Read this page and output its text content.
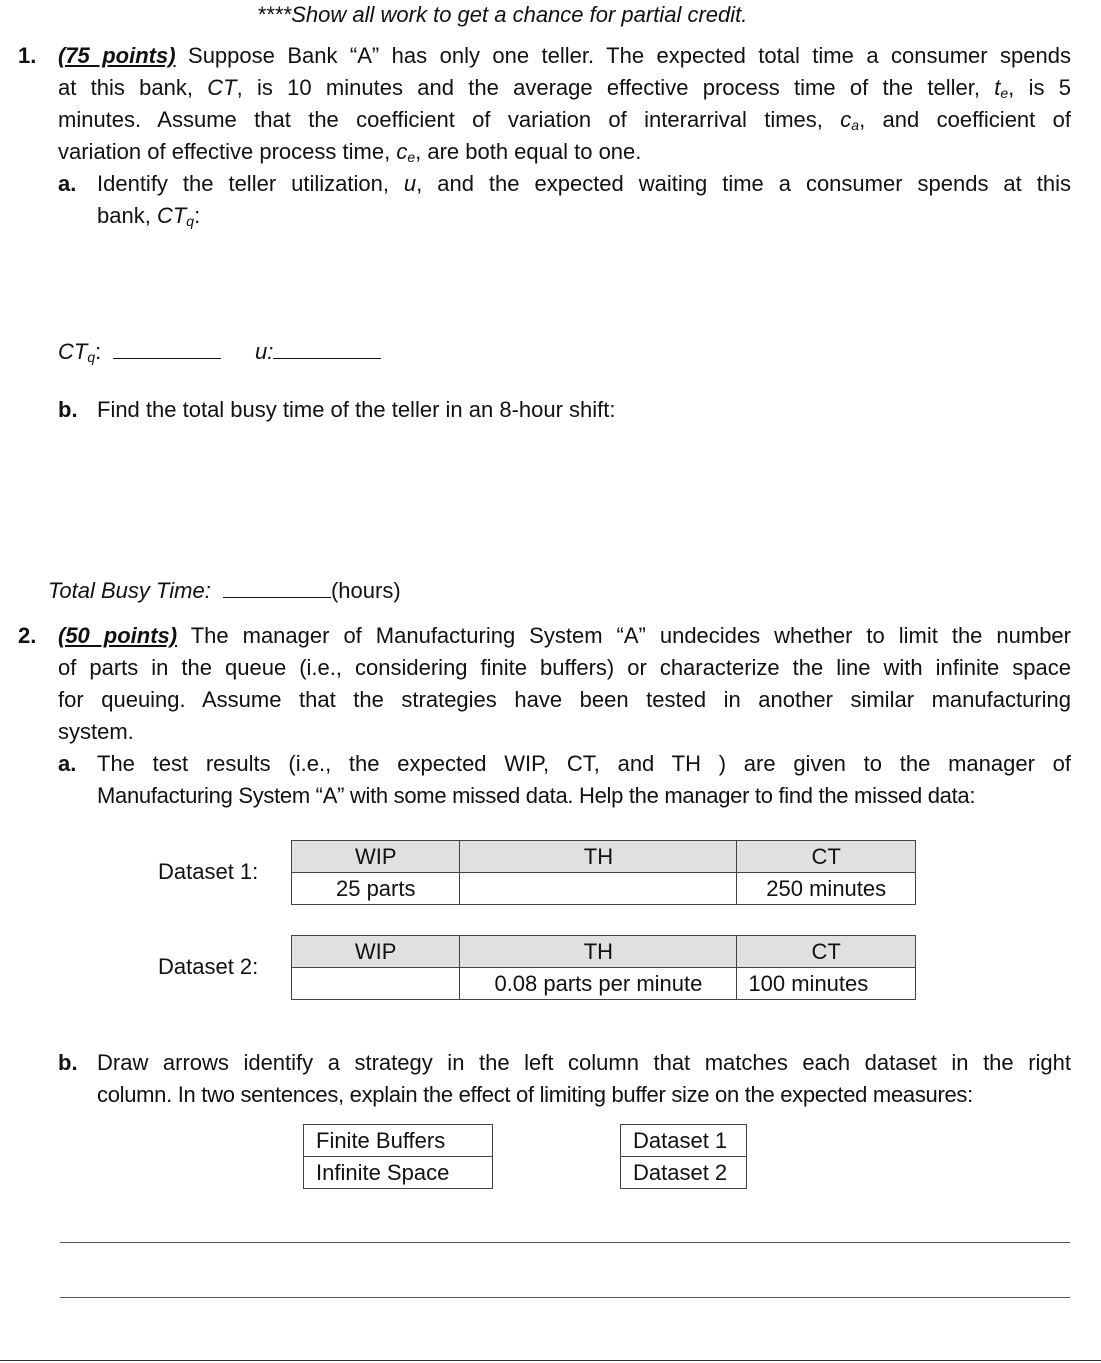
****Show all work to get a chance for partial credit.
1. (75 points) Suppose Bank “A” has only one teller. The expected total time a consumer spends
at this bank, CT, is 10 minutes and the average effective process time of the teller, $t_e$, is 5
minutes. Assume that the coefficient of variation of interarrival times, $c_a$, and coefficient of
variation of effective process time, $c_e$, are both equal to one.
a. Identify the teller utilization, u, and the expected waiting time a consumer spends at this
bank, $CT_q$:
$CT_q$:	u:
b. Find the total busy time of the teller in an 8-hour shift:
Total Busy Time:	(hours)
2. (50 points) The manager of Manufacturing System “A” undecides whether to limit the number
of parts in the queue (i.e., considering finite buffers) or characterize the line with infinite space
for queuing. Assume that the strategies have been tested in another similar manufacturing
system.
a. The test results (i.e., the expected WIP, CT, and TH ) are given to the manager of
Manufacturing System “A” with some missed data. Help the manager to find the missed data:
Dataset 1:
WIP	TH	CT
25 parts		250 minutes
Dataset 2:
WIP	TH	CT
	0.08 parts per minute	100 minutes
b. Draw arrows identify a strategy in the left column that matches each dataset in the right
column. In two sentences, explain the effect of limiting buffer size on the expected measures:
Finite Buffers
Infinite Space
Dataset 1
Dataset 2
